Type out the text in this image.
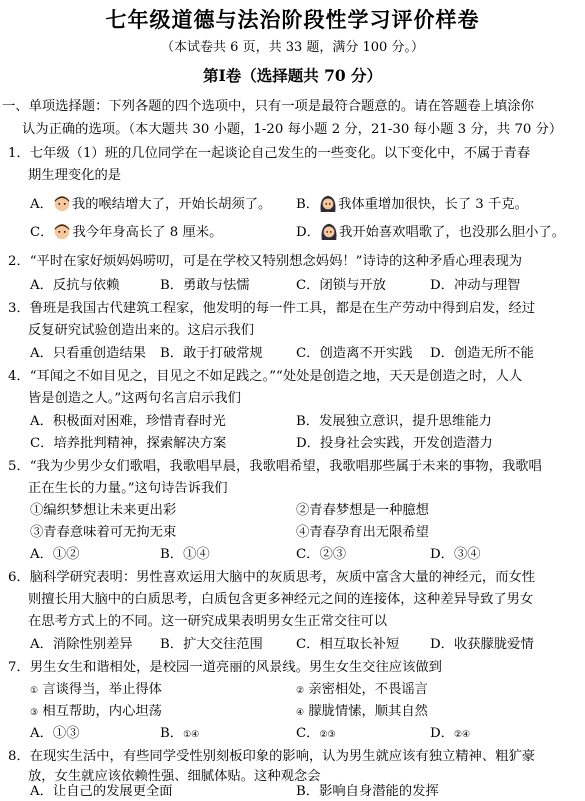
七年级道德与法治阶段性学习评价样卷
（本试卷共 6 页，共 33 题，满分 100 分。）
第Ⅰ卷（选择题共 70 分）
一、单项选择题：下列各题的四个选项中，只有一项是最符合题意的。请在答题卷上填涂你
认为正确的选项。（本大题共 30 小题，1-20 每小题 2 分，21-30 每小题 3 分，共 70 分）
1．七年级（1）班的几位同学在一起谈论自己发生的一些变化。以下变化中，不属于青春
期生理变化的是
A． 我的喉结增大了，开始长胡须了。 B． 我体重增加很快，长了 3 千克。
C． 我今年身高长了 8 厘米。	D． 我开始喜欢唱歌了，也没那么胆小了。
2．“平时在家好烦妈妈唠叨，可是在学校又特别想念妈妈！”诗诗的这种矛盾心理表现为
A．反抗与依赖	B．勇敢与怯懦	C．闭锁与开放	D．冲动与理智
3．鲁班是我国古代建筑工程家，他发明的每一件工具，都是在生产劳动中得到启发，经过
反复研究试验创造出来的。这启示我们
A．只看重创造结果 B．敢于打破常规 C．创造离不开实践 D．创造无所不能
4．“耳闻之不如目见之，目见之不如足践之。”“处处是创造之地，天天是创造之时，人人
皆是创造之人。”这两句名言启示我们
A．积极面对困难，珍惜青春时光	B．发展独立意识，提升思维能力
C．培养批判精神，探索解决方案	D．投身社会实践，开发创造潜力
5．“我为少男少女们歌唱，我歌唱早晨，我歌唱希望，我歌唱那些属于未来的事物，我歌唱
正在生长的力量。”这句诗告诉我们
①编织梦想让未来更出彩	②青春梦想是一种臆想
③青春意味着可无拘无束	④青春孕育出无限希望
A．①②	B．①④	C．②③	D．③④
6．脑科学研究表明：男性喜欢运用大脑中的灰质思考，灰质中富含大量的神经元，而女性
则擅长用大脑中的白质思考，白质包含更多神经元之间的连接体，这种差异导致了男女
在思考方式上的不同。这一研究成果表明男女生正常交往可以
A．消除性别差异 B．扩大交往范围 C．相互取长补短 D．收获朦胧爱情
7．男生女生和谐相处，是校园一道亮丽的风景线。男生女生交往应该做到
① 言谈得当，举止得体	② 亲密相处，不畏谣言
③ 相互帮助，内心坦荡	④ 朦胧情愫，顺其自然
A．①③	B．①④	C．②③	D．②④
8．在现实生活中，有些同学受性别刻板印象的影响，认为男生就应该有独立精神、粗犷豪
放，女生就应该依赖性强、细腻体贴。这种观念会
A．让自己的发展更全面	B．影响自身潜能的发挥
